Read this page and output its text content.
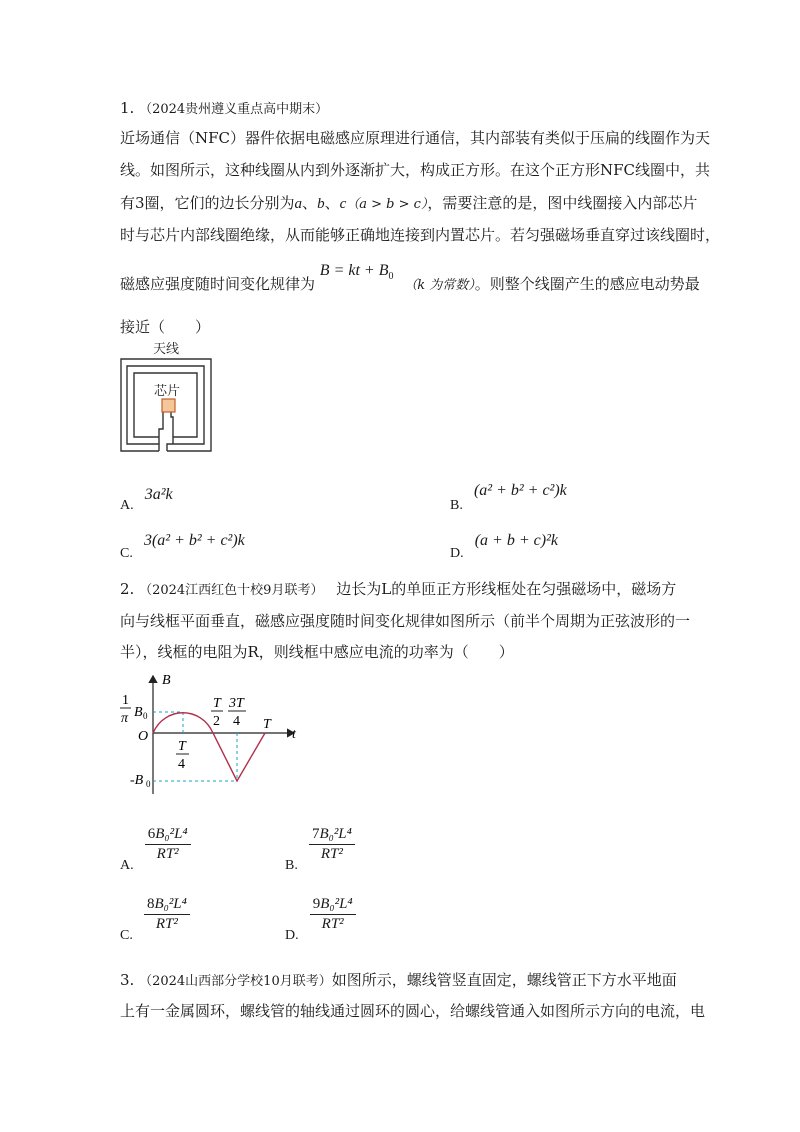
1. （2024贵州遵义重点高中期末）
近场通信（NFC）器件依据电磁感应原理进行通信，其内部装有类似于压扁的线圈作为天
线。如图所示，这种线圈从内到外逐渐扩大，构成正方形。在这个正方形NFC线圈中，共
有3圈，它们的边长分别为a、b、c（a > b > c），需要注意的是，图中线圈接入内部芯片
时与芯片内部线圈绝缘，从而能够正确地连接到内置芯片。若匀强磁场垂直穿过该线圈时，
磁感应强度随时间变化规律为 B = kt + $B_0$ （k 为常数）。则整个线圈产生的感应电动势最
接近（　　）
天线
芯片
A. 3a²k
B. (a² + b² + c²)k
C. 3(a² + b² + c²)k
D. (a + b + c)²k
2. （2024江西红色十校9月联考） 边长为L的单匝正方形线框处在匀强磁场中，磁场方
向与线框平面垂直，磁感应强度随时间变化规律如图所示（前半个周期为正弦波形的一
半），线框的电阻为R，则线框中感应电流的功率为（　　）
B
t
O
1
π B 0
-B 0
T
2
3T
4 T
T
4
A.
$\frac{\text{6B₀²L⁴}}{\text{RT²}}$
B.
$\frac{\text{7B₀²L⁴}}{\text{RT²}}$
C.
$\frac{\text{8B₀²L⁴}}{\text{RT²}}$
D.
$\frac{\text{9B₀²L⁴}}{\text{RT²}}$
3. （2024山西部分学校10月联考）如图所示，螺线管竖直固定，螺线管正下方水平地面
上有一金属圆环，螺线管的轴线通过圆环的圆心，给螺线管通入如图所示方向的电流，电
